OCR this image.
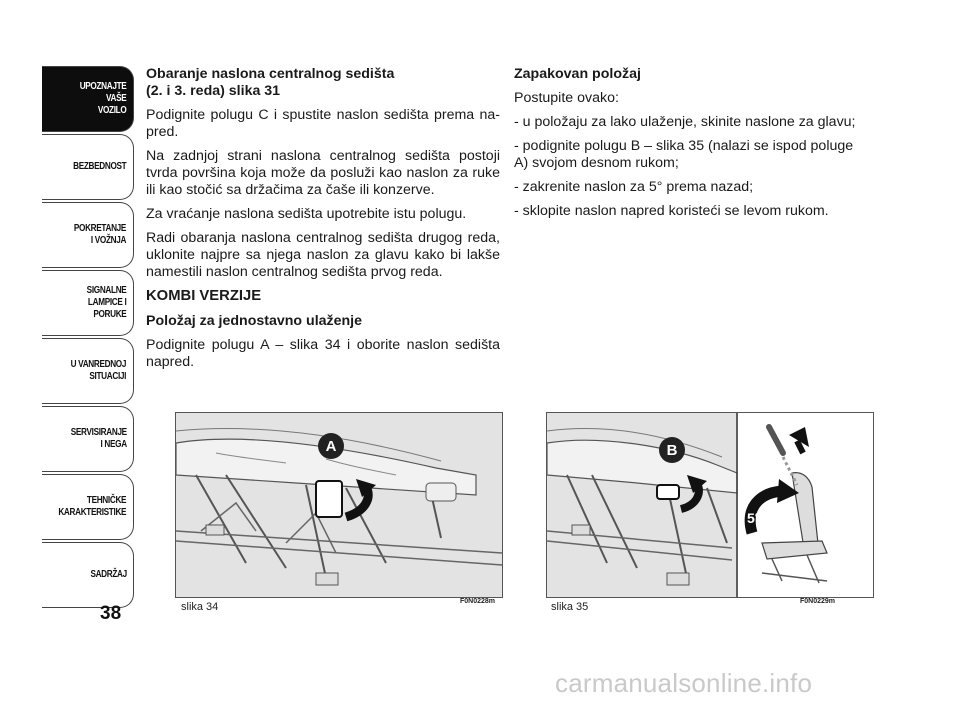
UPOZNAJTE
VAŠE
VOZILO
BEZBEDNOST
POKRETANJE
I VOŽNJA
SIGNALNE
LAMPICE I PORUKE
U VANREDNOJ
SITUACIJI
SERVISIRANJE
I NEGA
TEHNIČKE
KARAKTERISTIKE
SADRŽAJ
38
Obaranje naslona centralnog sedišta
(2. i 3. reda) slika 31

Podignite polugu C i spustite naslon sedišta prema na-pred.

Na zadnjoj strani naslona centralnog sedišta postoji tvrda površina koja može da posluži kao naslon za ruke ili kao stočić sa držačima za čaše ili konzerve.

Za vraćanje naslona sedišta upotrebite istu polugu.

Radi obaranja naslona centralnog sedišta drugog reda, uklonite najpre sa njega naslon za glavu kako bi lakše namestili naslon centralnog sedišta prvog reda.

KOMBI VERZIJE
Položaj za jednostavno ulaženje

Podignite polugu A – slika 34 i oborite naslon sedišta napred.

Zapakovan položaj

Postupite ovako:

- u položaju za lako ulaženje, skinite naslone za glavu;

- podignite polugu B – slika 35 (nalazi se ispod poluge A) svojom desnom rukom;

- zakrenite naslon za 5° prema nazad;

- sklopite naslon napred koristeći se levom rukom.

A
slika 34	F0N0228m
5°
B
slika 35	F0N0229m
carmanualsonline.info
